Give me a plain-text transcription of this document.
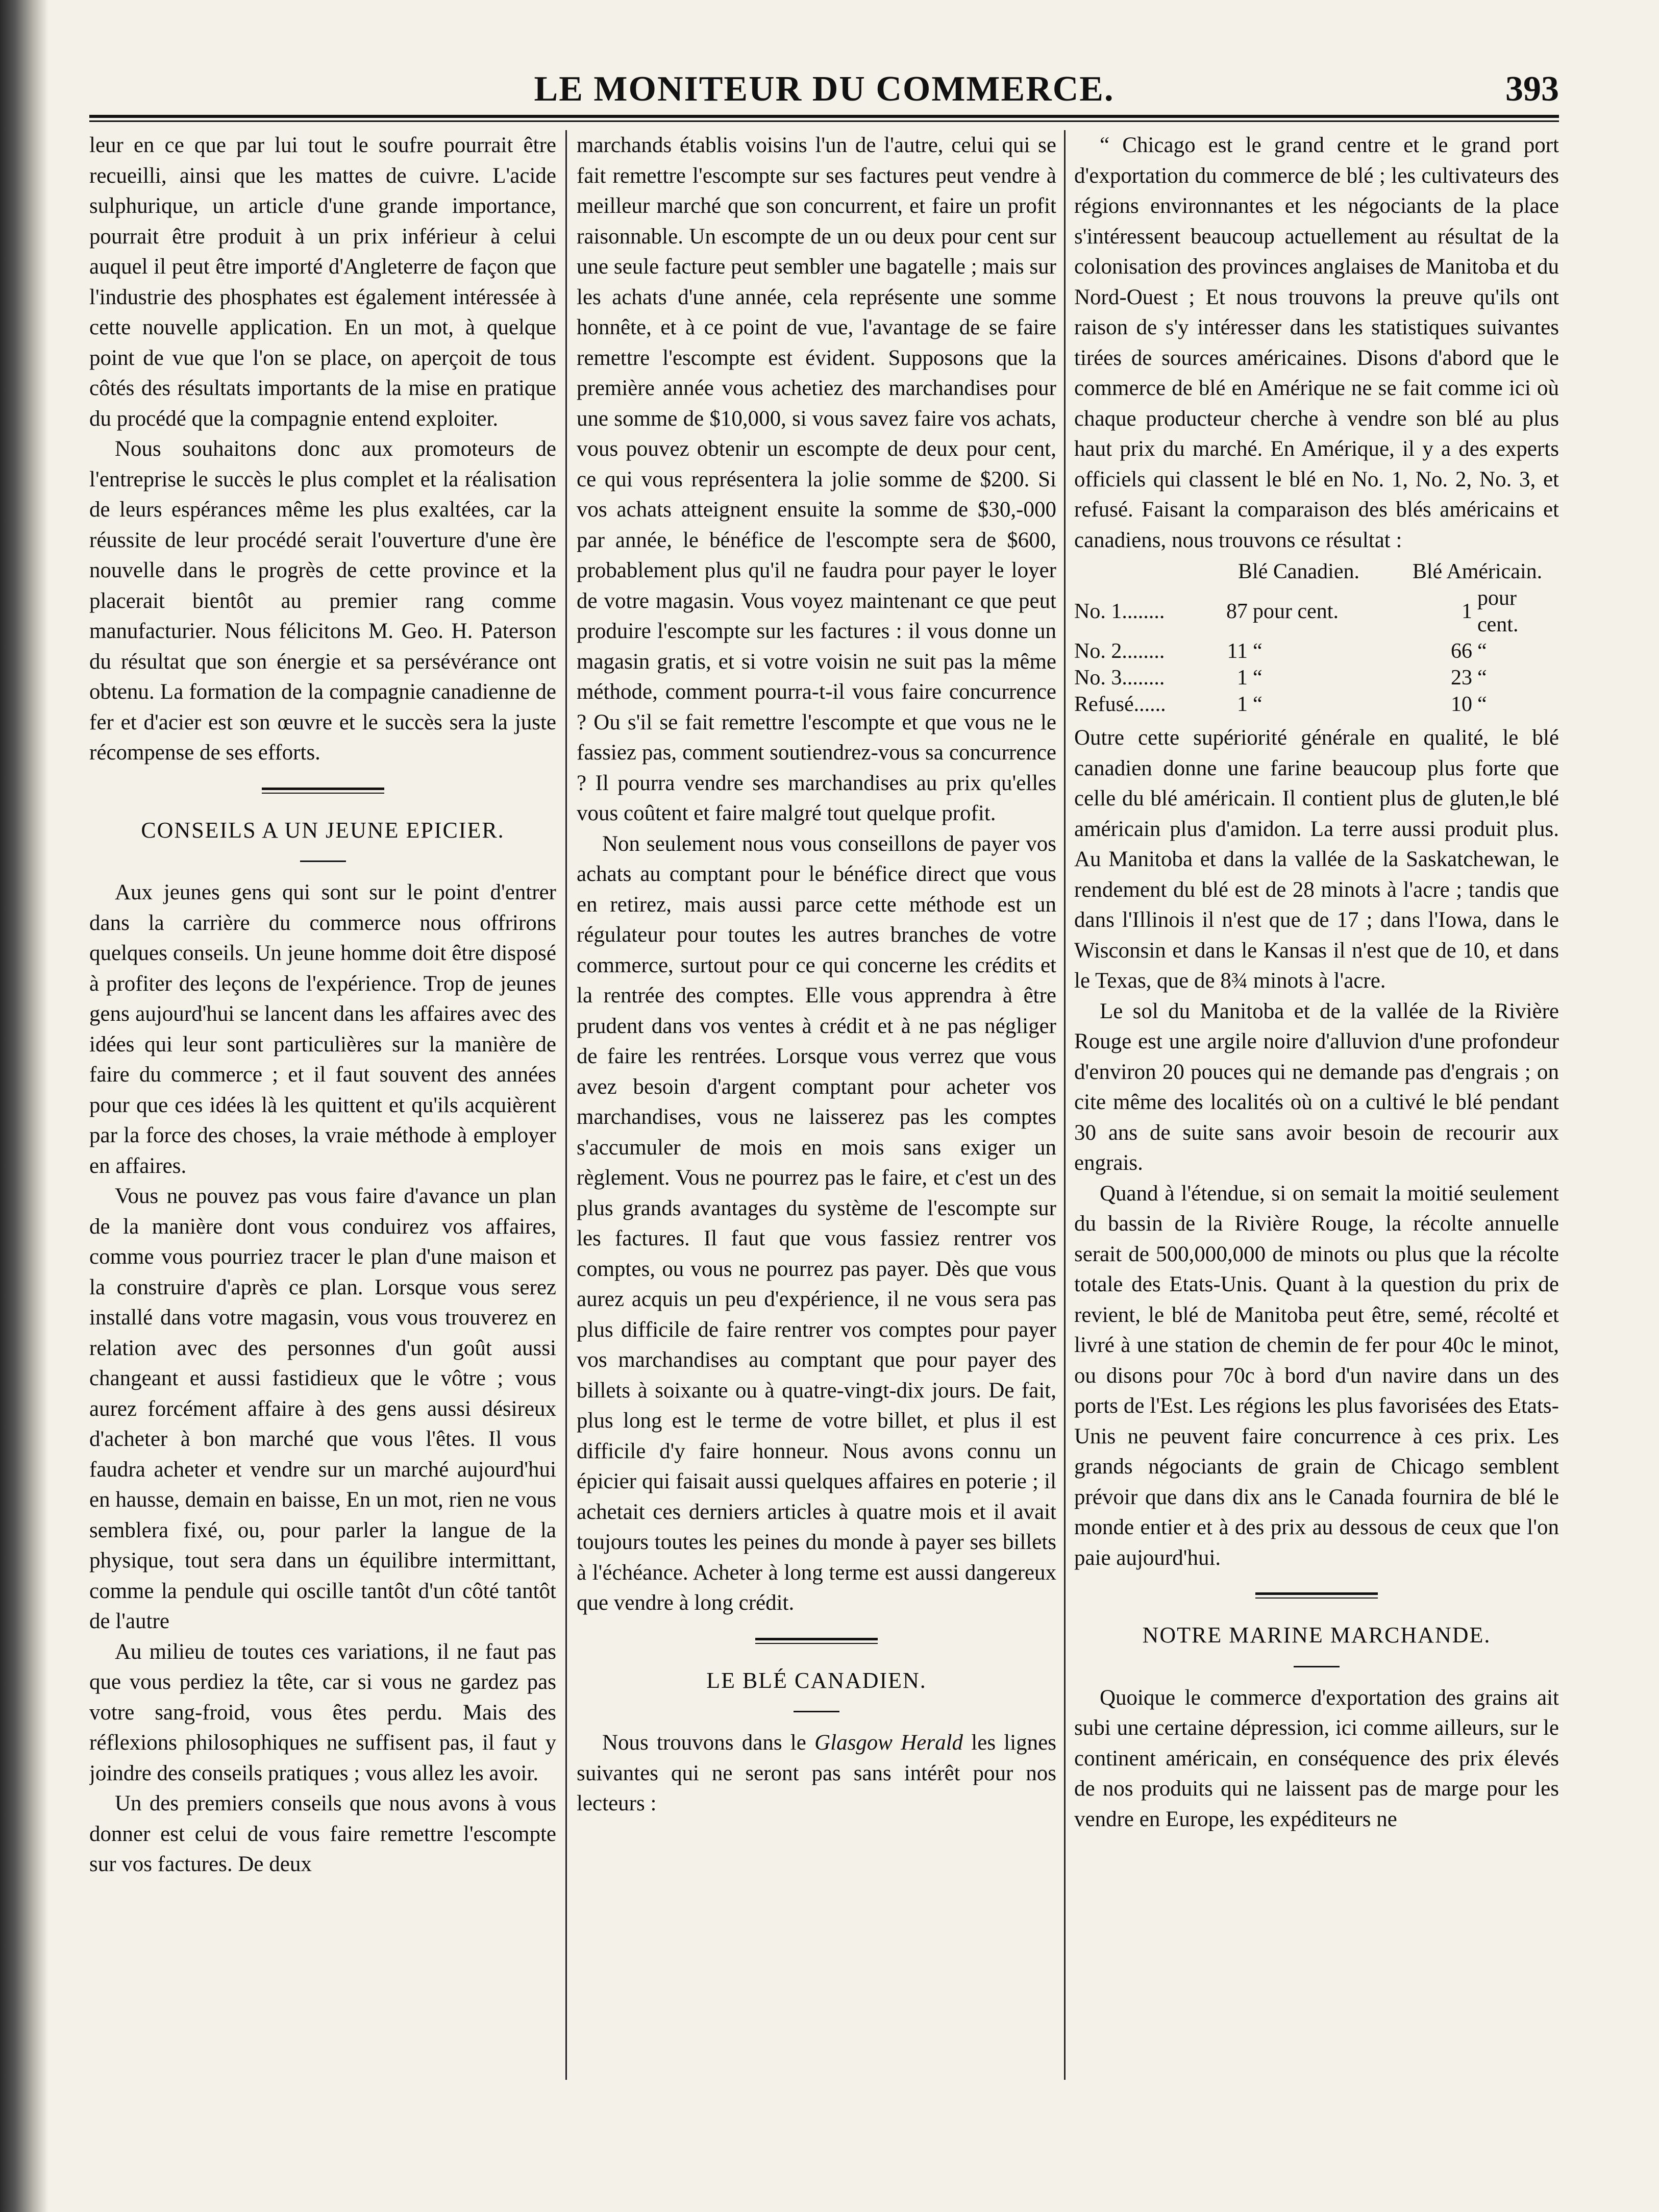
LE MONITEUR DU COMMERCE.	393

leur en ce que par lui tout le soufre pourrait être recueilli, ainsi que les mattes de cuivre. L'acide sulphurique, un article d'une grande importance, pourrait être produit à un prix inférieur à celui auquel il peut être importé d'Angleterre de façon que l'industrie des phosphates est également intéressée à cette nouvelle application. En un mot, à quelque point de vue que l'on se place, on aperçoit de tous côtés des résultats importants de la mise en pratique du procédé que la compagnie entend exploiter.

Nous souhaitons donc aux promoteurs de l'entreprise le succès le plus complet et la réalisation de leurs espérances même les plus exaltées, car la réussite de leur procédé serait l'ouverture d'une ère nouvelle dans le progrès de cette province et la placerait bientôt au premier rang comme manufacturier. Nous félicitons M. Geo. H. Paterson du résultat que son énergie et sa persévérance ont obtenu. La formation de la compagnie canadienne de fer et d'acier est son œuvre et le succès sera la juste récompense de ses efforts.

CONSEILS A UN JEUNE EPICIER.

Aux jeunes gens qui sont sur le point d'entrer dans la carrière du commerce nous offrirons quelques conseils. Un jeune homme doit être disposé à profiter des leçons de l'expérience. Trop de jeunes gens aujourd'hui se lancent dans les affaires avec des idées qui leur sont particulières sur la manière de faire du commerce ; et il faut souvent des années pour que ces idées là les quittent et qu'ils acquièrent par la force des choses, la vraie méthode à employer en affaires.

Vous ne pouvez pas vous faire d'avance un plan de la manière dont vous conduirez vos affaires, comme vous pourriez tracer le plan d'une maison et la construire d'après ce plan. Lorsque vous serez installé dans votre magasin, vous vous trouverez en relation avec des personnes d'un goût aussi changeant et aussi fastidieux que le vôtre ; vous aurez forcément affaire à des gens aussi désireux d'acheter à bon marché que vous l'êtes. Il vous faudra acheter et vendre sur un marché aujourd'hui en hausse, demain en baisse, En un mot, rien ne vous semblera fixé, ou, pour parler la langue de la physique, tout sera dans un équilibre intermittant, comme la pendule qui oscille tantôt d'un côté tantôt de l'autre

Au milieu de toutes ces variations, il ne faut pas que vous perdiez la tête, car si vous ne gardez pas votre sang-froid, vous êtes perdu. Mais des réflexions philosophiques ne suffisent pas, il faut y joindre des conseils pratiques ; vous allez les avoir.

Un des premiers conseils que nous avons à vous donner est celui de vous faire remettre l'escompte sur vos factures. De deux

marchands établis voisins l'un de l'autre, celui qui se fait remettre l'escompte sur ses factures peut vendre à meilleur marché que son concurrent, et faire un profit raisonnable. Un escompte de un ou deux pour cent sur une seule facture peut sembler une bagatelle ; mais sur les achats d'une année, cela représente une somme honnête, et à ce point de vue, l'avantage de se faire remettre l'escompte est évident. Supposons que la première année vous achetiez des marchandises pour une somme de $10,000, si vous savez faire vos achats, vous pouvez obtenir un escompte de deux pour cent, ce qui vous représentera la jolie somme de $200. Si vos achats atteignent ensuite la somme de $30,-000 par année, le bénéfice de l'escompte sera de $600, probablement plus qu'il ne faudra pour payer le loyer de votre magasin. Vous voyez maintenant ce que peut produire l'escompte sur les factures : il vous donne un magasin gratis, et si votre voisin ne suit pas la même méthode, comment pourra-t-il vous faire concurrence ? Ou s'il se fait remettre l'escompte et que vous ne le fassiez pas, comment soutiendrez-vous sa concurrence ? Il pourra vendre ses marchandises au prix qu'elles vous coûtent et faire malgré tout quelque profit.

Non seulement nous vous conseillons de payer vos achats au comptant pour le bénéfice direct que vous en retirez, mais aussi parce cette méthode est un régulateur pour toutes les autres branches de votre commerce, surtout pour ce qui concerne les crédits et la rentrée des comptes. Elle vous apprendra à être prudent dans vos ventes à crédit et à ne pas négliger de faire les rentrées. Lorsque vous verrez que vous avez besoin d'argent comptant pour acheter vos marchandises, vous ne laisserez pas les comptes s'accumuler de mois en mois sans exiger un règlement. Vous ne pourrez pas le faire, et c'est un des plus grands avantages du système de l'escompte sur les factures. Il faut que vous fassiez rentrer vos comptes, ou vous ne pourrez pas payer. Dès que vous aurez acquis un peu d'expérience, il ne vous sera pas plus difficile de faire rentrer vos comptes pour payer vos marchandises au comptant que pour payer des billets à soixante ou à quatre-vingt-dix jours. De fait, plus long est le terme de votre billet, et plus il est difficile d'y faire honneur. Nous avons connu un épicier qui faisait aussi quelques affaires en poterie ; il achetait ces derniers articles à quatre mois et il avait toujours toutes les peines du monde à payer ses billets à l'échéance. Acheter à long terme est aussi dangereux que vendre à long crédit.

LE BLÉ CANADIEN.

Nous trouvons dans le Glasgow Herald les lignes suivantes qui ne seront pas sans intérêt pour nos lecteurs :

“ Chicago est le grand centre et le grand port d'exportation du commerce de blé ; les cultivateurs des régions environnantes et les négociants de la place s'intéressent beaucoup actuellement au résultat de la colonisation des provinces anglaises de Manitoba et du Nord-Ouest ; Et nous trouvons la preuve qu'ils ont raison de s'y intéresser dans les statistiques suivantes tirées de sources américaines. Disons d'abord que le commerce de blé en Amérique ne se fait comme ici où chaque producteur cherche à vendre son blé au plus haut prix du marché. En Amérique, il y a des experts officiels qui classent le blé en No. 1, No. 2, No. 3, et refusé. Faisant la comparaison des blés américains et canadiens, nous trouvons ce résultat :

	Blé Canadien.		Blé Américain.	
No. 1........	87	pour cent.	1	pour cent.
No. 2........	11	“	66	“
No. 3........	1	“	23	“
Refusé......	1	“	10	“

Outre cette supériorité générale en qualité, le blé canadien donne une farine beaucoup plus forte que celle du blé américain. Il contient plus de gluten,le blé américain plus d'amidon. La terre aussi produit plus. Au Manitoba et dans la vallée de la Saskatchewan, le rendement du blé est de 28 minots à l'acre ; tandis que dans l'Illinois il n'est que de 17 ; dans l'Iowa, dans le Wisconsin et dans le Kansas il n'est que de 10, et dans le Texas, que de 8¾ minots à l'acre.

Le sol du Manitoba et de la vallée de la Rivière Rouge est une argile noire d'alluvion d'une profondeur d'environ 20 pouces qui ne demande pas d'engrais ; on cite même des localités où on a cultivé le blé pendant 30 ans de suite sans avoir besoin de recourir aux engrais.

Quand à l'étendue, si on semait la moitié seulement du bassin de la Rivière Rouge, la récolte annuelle serait de 500,000,000 de minots ou plus que la récolte totale des Etats-Unis. Quant à la question du prix de revient, le blé de Manitoba peut être, semé, récolté et livré à une station de chemin de fer pour 40c le minot, ou disons pour 70c à bord d'un navire dans un des ports de l'Est. Les régions les plus favorisées des Etats-Unis ne peuvent faire concurrence à ces prix. Les grands négociants de grain de Chicago semblent prévoir que dans dix ans le Canada fournira de blé le monde entier et à des prix au dessous de ceux que l'on paie aujourd'hui.

NOTRE MARINE MARCHANDE.

Quoique le commerce d'exportation des grains ait subi une certaine dépression, ici comme ailleurs, sur le continent américain, en conséquence des prix élevés de nos produits qui ne laissent pas de marge pour les vendre en Europe, les expéditeurs ne
